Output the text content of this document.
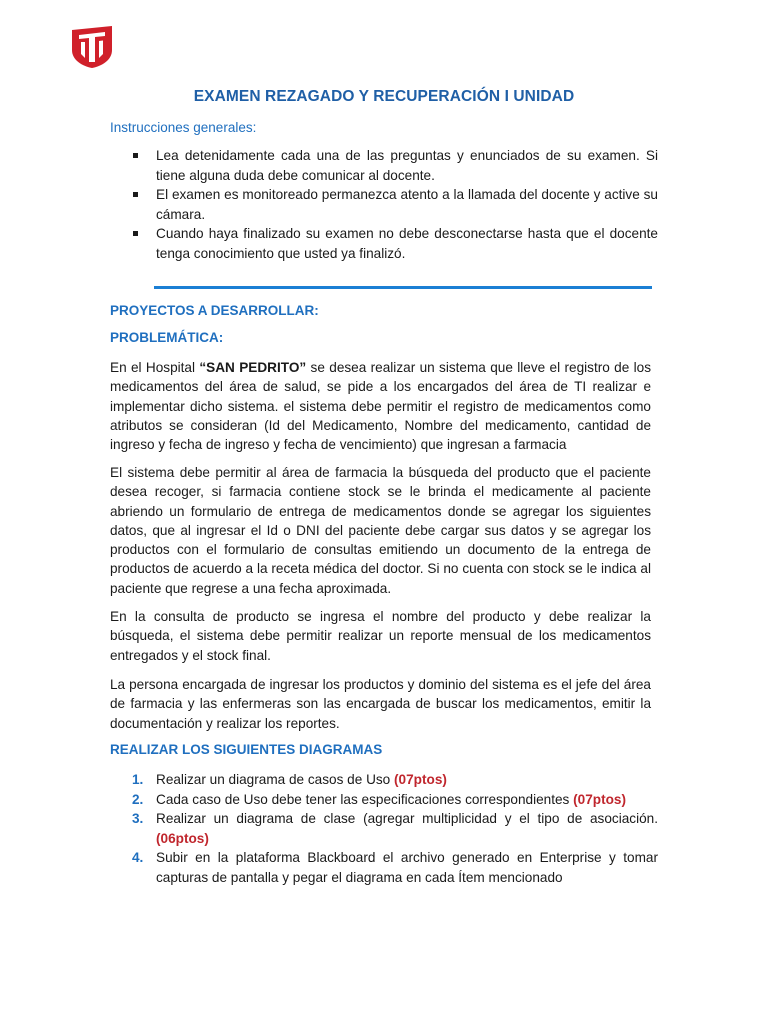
EXAMEN REZAGADO Y RECUPERACIÓN I UNIDAD
Instrucciones generales:
Lea detenidamente cada una de las preguntas y enunciados de su examen. Si tiene alguna duda debe comunicar al docente.
El examen es monitoreado permanezca atento a la llamada del docente y active su cámara.
Cuando haya finalizado su examen no debe desconectarse hasta que el docente tenga conocimiento que usted ya finalizó.
PROYECTOS A DESARROLLAR:
PROBLEMÁTICA:

En el Hospital “SAN PEDRITO” se desea realizar un sistema que lleve el registro de los medicamentos del área de salud, se pide a los encargados del área de TI realizar e implementar dicho sistema. el sistema debe permitir el registro de medicamentos como atributos se consideran (Id del Medicamento, Nombre del medicamento, cantidad de ingreso y fecha de ingreso y fecha de vencimiento) que ingresan a farmacia

El sistema debe permitir al área de farmacia la búsqueda del producto que el paciente desea recoger, si farmacia contiene stock se le brinda el medicamente al paciente abriendo un formulario de entrega de medicamentos donde se agregar los siguientes datos, que al ingresar el Id o DNI del paciente debe cargar sus datos y se agregar los productos con el formulario de consultas emitiendo un documento de la entrega de productos de acuerdo a la receta médica del doctor. Si no cuenta con stock se le indica al paciente que regrese a una fecha aproximada.

En la consulta de producto se ingresa el nombre del producto y debe realizar la búsqueda, el sistema debe permitir realizar un reporte mensual de los medicamentos entregados y el stock final.

La persona encargada de ingresar los productos y dominio del sistema es el jefe del área de farmacia y las enfermeras son las encargada de buscar los medicamentos, emitir la documentación y realizar los reportes.

REALIZAR LOS SIGUIENTES DIAGRAMAS
1. Realizar un diagrama de casos de Uso (07ptos)
2. Cada caso de Uso debe tener las especificaciones correspondientes (07ptos)
3. Realizar un diagrama de clase (agregar multiplicidad y el tipo de asociación. (06ptos)
4. Subir en la plataforma Blackboard el archivo generado en Enterprise y tomar capturas de pantalla y pegar el diagrama en cada Ítem mencionado
